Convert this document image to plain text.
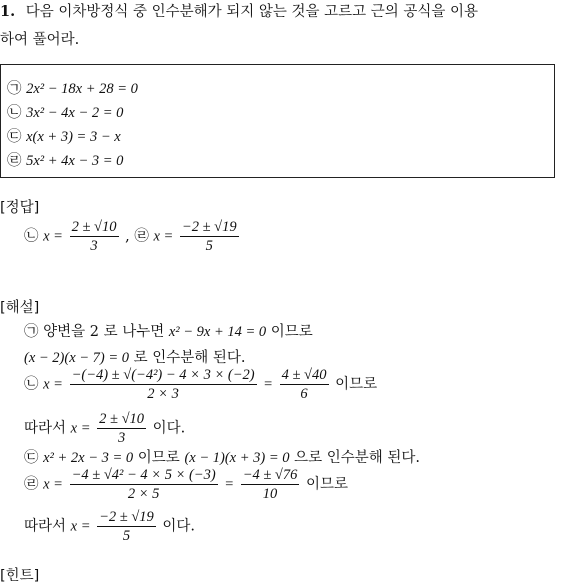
1. 다음 이차방정식 중 인수분해가 되지 않는 것을 고르고 근의 공식을 이용
하여 풀어라.
㉠ 2x² − 18x + 28 = 0
㉡ 3x² − 4x − 2 = 0
㉢ x(x + 3) = 3 − x
㉣ 5x² + 4x − 3 = 0
[정답]
㉡ $x = \frac{2 \pm √10}{3}$ , ㉣ $x = \frac{-2 \pm √19}{5}$
[해설]
㉠ 양변을 2 로 나누면 x² − 9x + 14 = 0 이므로
(x − 2)(x − 7) = 0 로 인수분해 된다.
㉡ $x = \frac{\text{−(−4) ± √(−4²) − 4 × 3 × (−2)}}{2 \times 3} = \frac{4 \pm √40}{6}$ 이므로
따라서 $x = \frac{2 \pm √10}{3}$ 이다.
㉢ x² + 2x − 3 = 0 이므로 (x − 1)(x + 3) = 0 으로 인수분해 된다.
㉣ $x = \frac{\text{−4 ± √4² − 4 × 5 × (−3)}}{2 \times 5} = \frac{-4 \pm √76}{10}$ 이므로
따라서 $x = \frac{-2 \pm √19}{5}$ 이다.
[힌트]
